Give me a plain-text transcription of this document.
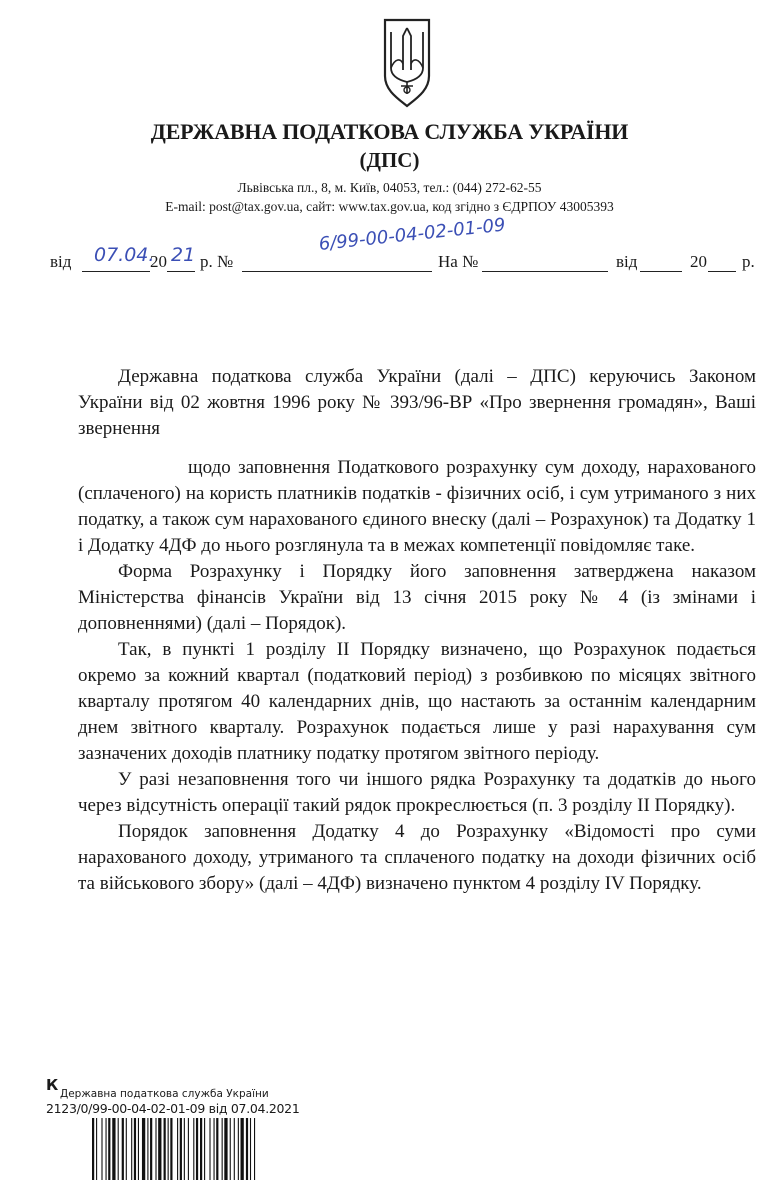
ДЕРЖАВНА ПОДАТКОВА СЛУЖБА УКРАЇНИ
(ДПС)
Львівська пл., 8, м. Київ, 04053, тел.: (044) 272-62-55
E-mail: post@tax.gov.ua, сайт: www.tax.gov.ua, код згідно з ЄДРПОУ 43005393
від 07.04.
20 21 р. №
6/99-00-04-02-01-09
На №	від	20 р.

Державна податкова служба України (далі – ДПС) керуючись Законом України від 02 жовтня 1996 року № 393/96-ВР «Про звернення громадян», Ваші звернення

щодо заповнення Податкового розрахунку сум доходу, нарахованого (сплаченого) на користь платників податків - фізичних осіб, і сум утриманого з них податку, а також сум нарахованого єдиного внеску (далі – Розрахунок) та Додатку 1 і Додатку 4ДФ до нього розглянула та в межах компетенції повідомляє таке.

Форма Розрахунку і Порядку його заповнення затверджена наказом Міністерства фінансів України від 13 січня 2015 року № 4 (із змінами і доповненнями) (далі – Порядок).

Так, в пункті 1 розділу ІІ Порядку визначено, що Розрахунок подається окремо за кожний квартал (податковий період) з розбивкою по місяцях звітного кварталу протягом 40 календарних днів, що настають за останнім календарним днем звітного кварталу. Розрахунок подається лише у разі нарахування сум зазначених доходів платнику податку протягом звітного періоду.

У разі незаповнення того чи іншого рядка Розрахунку та додатків до нього через відсутність операції такий рядок прокреслюється (п. 3 розділу ІІ Порядку).

Порядок заповнення Додатку 4 до Розрахунку «Відомості про суми нарахованого доходу, утриманого та сплаченого податку на доходи фізичних осіб та військового збору» (далі – 4ДФ) визначено пунктом 4 розділу IV Порядку.

К Державна податкова служба України
2123/0/99-00-04-02-01-09 від 07.04.2021
